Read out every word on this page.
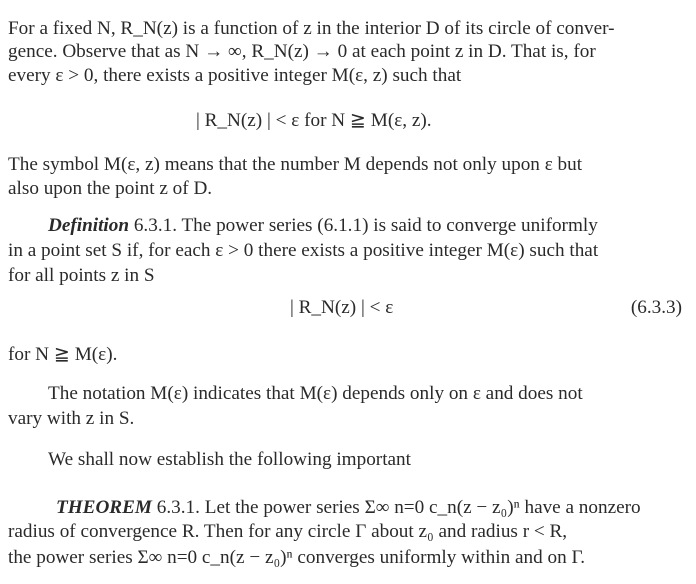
For a fixed N, R_N(z) is a function of z in the interior D of its circle of conver-
gence. Observe that as N → ∞, R_N(z) → 0 at each point z in D. That is, for
every ε > 0, there exists a positive integer M(ε, z) such that
| R_N(z) | < ε for N ≧ M(ε, z).
The symbol M(ε, z) means that the number M depends not only upon ε but
also upon the point z of D.
Definition 6.3.1. The power series (6.1.1) is said to converge uniformly
in a point set S if, for each ε > 0 there exists a positive integer M(ε) such that
for all points z in S
| R_N(z) | < ε	(6.3.3)
for N ≧ M(ε).
The notation M(ε) indicates that M(ε) depends only on ε and does not
vary with z in S.
We shall now establish the following important
THEOREM 6.3.1. Let the power series Σ∞ n=0 c_n(z − z₀)ⁿ have a nonzero
radius of convergence R. Then for any circle Γ about z₀ and radius r < R,
the power series Σ∞ n=0 c_n(z − z₀)ⁿ converges uniformly within and on Γ.
